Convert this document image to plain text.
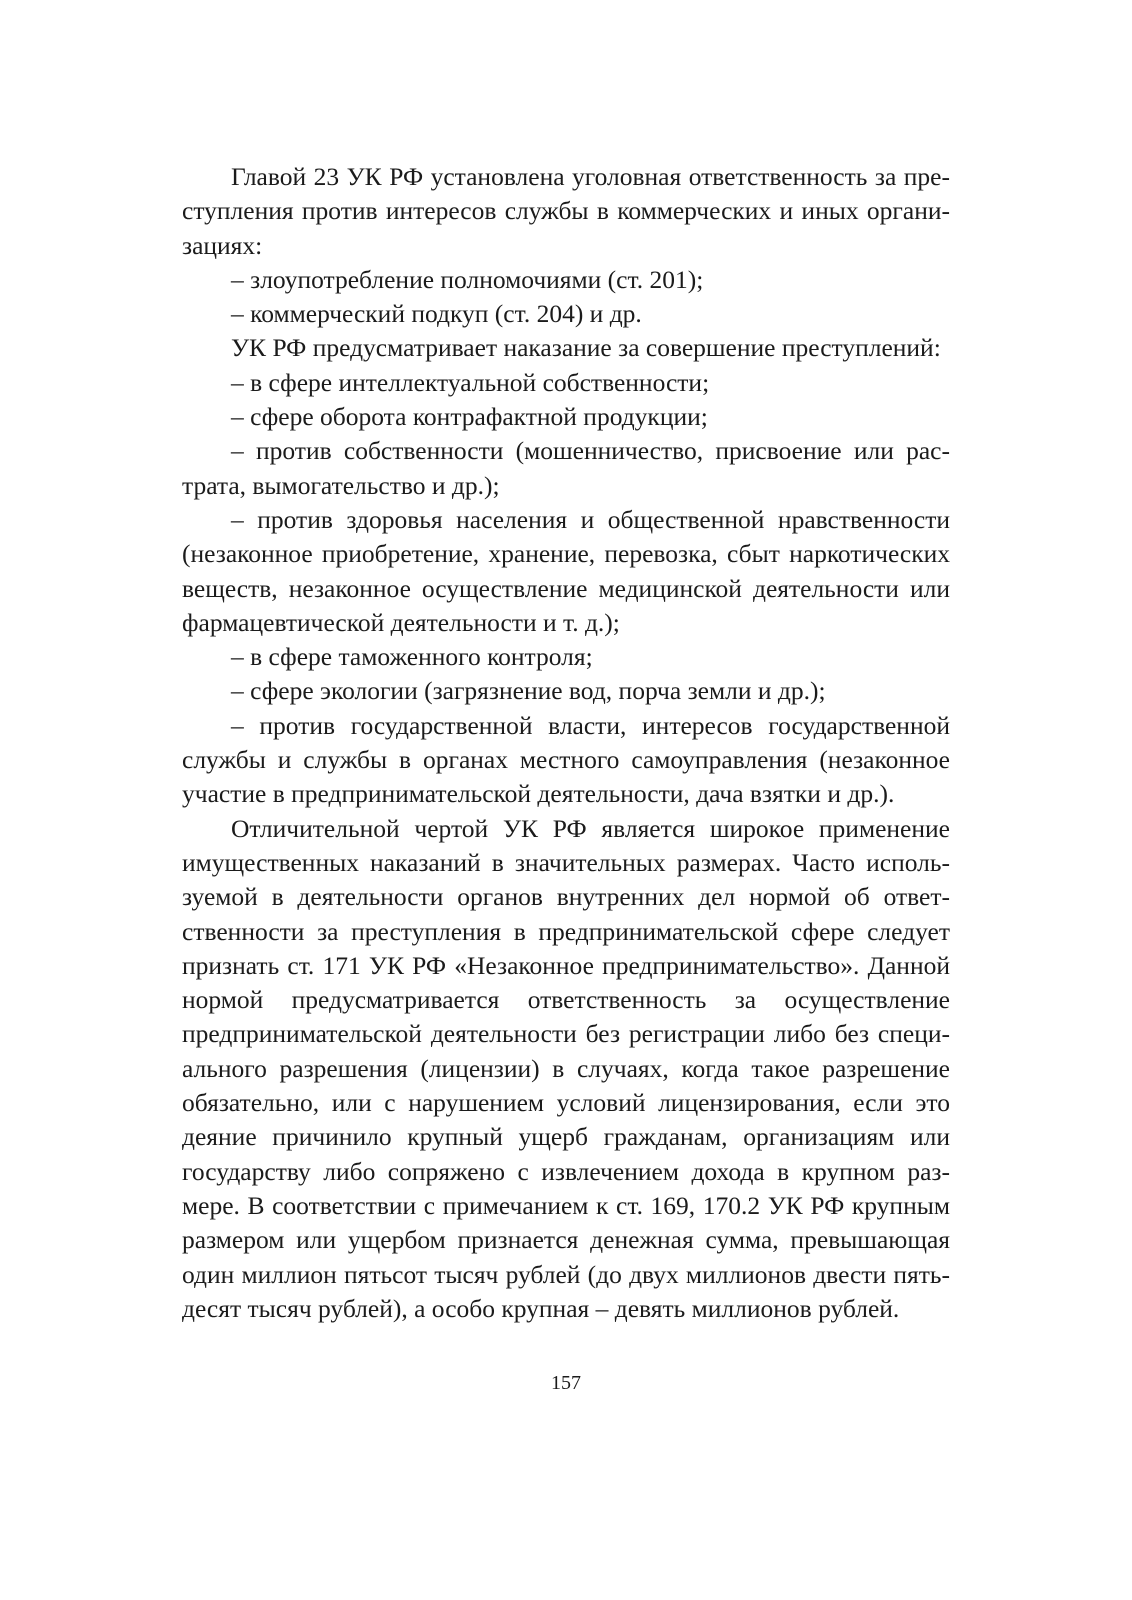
Главой 23 УК РФ установлена уголовная ответственность за преступления против интересов службы в коммерческих и иных организациях:

– злоупотребление полномочиями (ст. 201);

– коммерческий подкуп (ст. 204) и др.

УК РФ предусматривает наказание за совершение преступлений:

– в сфере интеллектуальной собственности;

– сфере оборота контрафактной продукции;

– против собственности (мошенничество, присвоение или растрата, вымогательство и др.);

– против здоровья населения и общественной нравственности (незаконное приобретение, хранение, перевозка, сбыт наркотических веществ, незаконное осуществление медицинской деятельности или фармацевтической деятельности и т. д.);

– в сфере таможенного контроля;

– сфере экологии (загрязнение вод, порча земли и др.);

– против государственной власти, интересов государственной службы и службы в органах местного самоуправления (незаконное участие в предпринимательской деятельности, дача взятки и др.).

Отличительной чертой УК РФ является широкое применение имущественных наказаний в значительных размерах. Часто используемой в деятельности органов внутренних дел нормой об ответственности за преступления в предпринимательской сфере следует признать ст. 171 УК РФ «Незаконное предпринимательство». Данной нормой предусматривается ответственность за осуществление предпринимательской деятельности без регистрации либо без специального разрешения (лицензии) в случаях, когда такое разрешение обязательно, или с нарушением условий лицензирования, если это деяние причинило крупный ущерб гражданам, организациям или государству либо сопряжено с извлечением дохода в крупном размере. В соответствии с примечанием к ст. 169, 170.2 УК РФ крупным размером или ущербом признается денежная сумма, превышающая один миллион пятьсот тысяч рублей (до двух миллионов двести пятьдесят тысяч рублей), а особо крупная – девять миллионов рублей.

157
